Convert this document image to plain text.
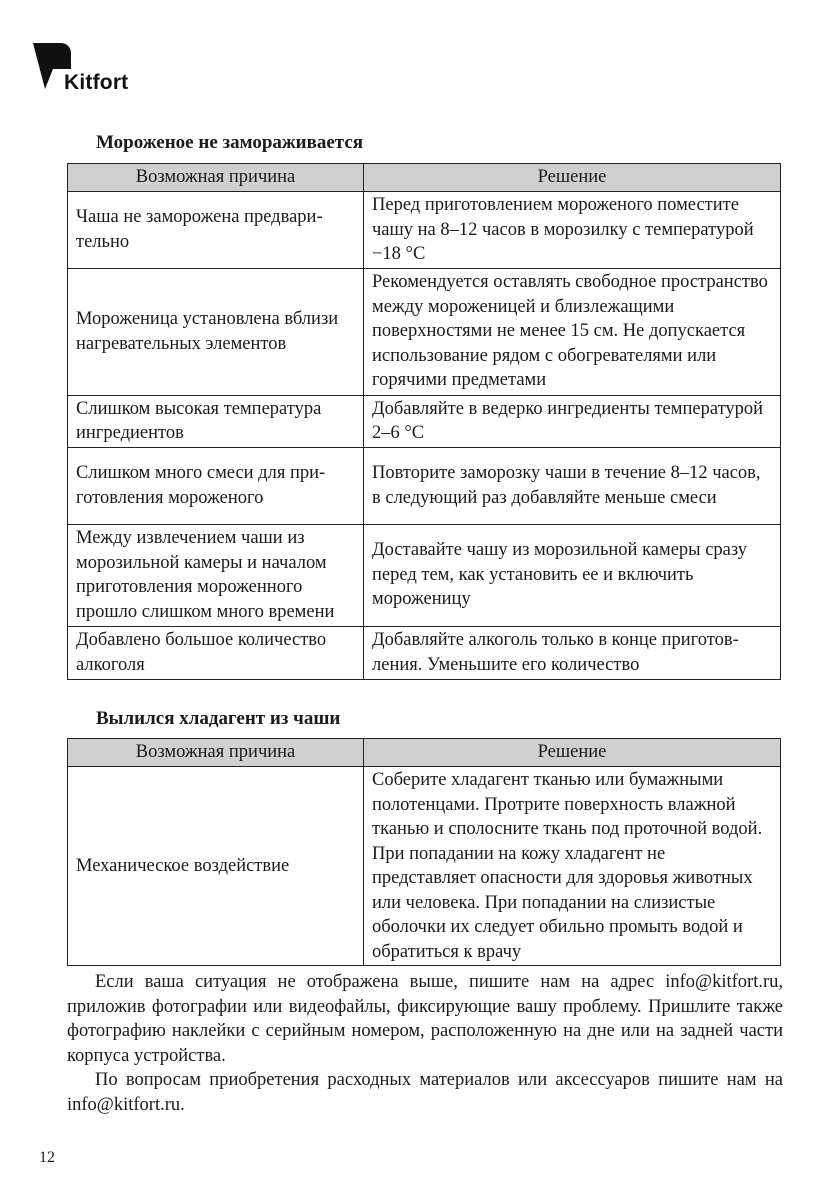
Kitfort
Мороженое не замораживается
Возможная причина	Решение
Чаша не заморожена предварительно	Перед приготовлением мороженого поместите чашу на 8–12 часов в морозилку с температурой −18 °C
Мороженица установлена вблизи нагревательных элементов	Рекомендуется оставлять свободное пространство между мороженицей и близлежащими поверхностями не менее 15 см. Не допускается использование рядом с обогревателями или горячими предметами
Слишком высокая температура ингредиентов	Добавляйте в ведерко ингредиенты температурой 2–6 °C
Слишком много смеси для приготовления мороженого	Повторите заморозку чаши в течение 8–12 часов, в следующий раз добавляйте меньше смеси
Между извлечением чаши из морозильной камеры и началом приготовления мороженного прошло слишком много времени	Доставайте чашу из морозильной камеры сразу перед тем, как установить ее и включить мороженицу
Добавлено большое количество алкоголя	Добавляйте алкоголь только в конце приготовления. Уменьшите его количество
Вылился хладагент из чаши
Возможная причина	Решение
Механическое воздействие	Соберите хладагент тканью или бумажными полотенцами. Протрите поверхность влажной тканью и сполосните ткань под проточной водой. При попадании на кожу хладагент не представляет опасности для здоровья животных или человека. При попадании на слизистые оболочки их следует обильно промыть водой и обратиться к врачу

Если ваша ситуация не отображена выше, пишите нам на адрес info@kitfort.ru, приложив фотографии или видеофайлы, фиксирующие вашу проблему. Пришлите также фотографию наклейки с серийным номером, расположенную на дне или на задней части корпуса устройства.

По вопросам приобретения расходных материалов или аксессуаров пишите нам на info@kitfort.ru.

12
